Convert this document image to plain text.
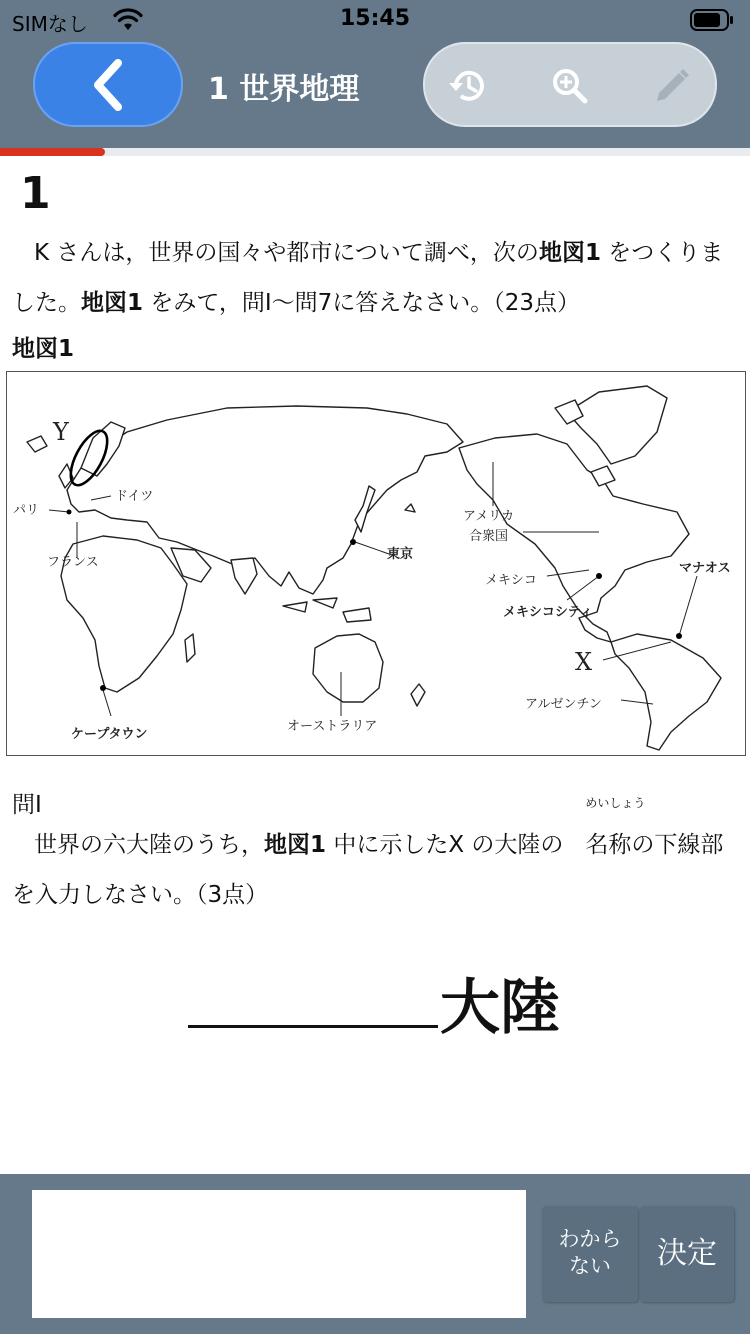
SIMなし	15:45
1 世界地理
1
K さんは，世界の国々や都市について調べ，次の地図1 をつくりました。地図1 をみて，問Ⅰ～問7に答えなさい。（23点）
地図1
Y
X
ドイツ
パリ
フランス
東京
アメリカ
合衆国
メキシコ
メキシコシティ
マナオス
アルゼンチン
ケープタウン
オーストラリア
問Ⅰ
世界の六大陸のうち，地図1 中に示したX の大陸の 名称
めいしょう
の下線部を入力しなさい。（3点）
大陸
わから
ない	決定
